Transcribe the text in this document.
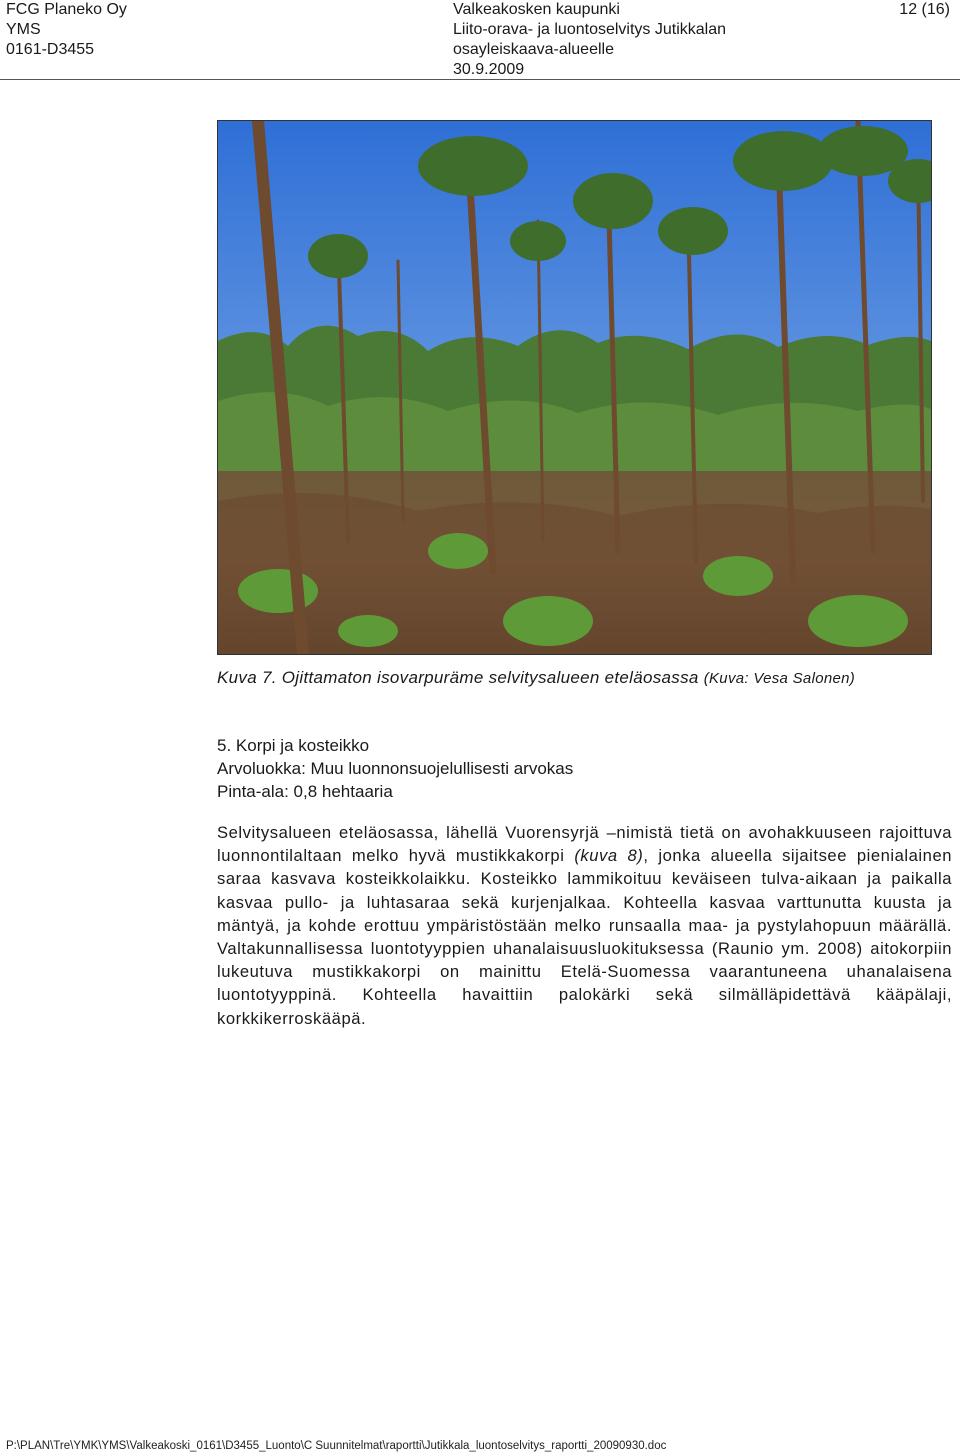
FCG Planeko Oy
YMS
0161-D3455
Valkeakosken kaupunki
Liito-orava- ja luontoselvitys Jutikkalan
osayleiskaava-alueelle
30.9.2009
12 (16)
Kuva 7. Ojittamaton isovarpuräme selvitysalueen eteläosassa (Kuva: Vesa Salonen)
5. Korpi ja kosteikko
Arvoluokka: Muu luonnonsuojelullisesti arvokas
Pinta-ala: 0,8 hehtaaria
Selvitysalueen eteläosassa, lähellä Vuorensyrjä –nimistä tietä on avohakkuuseen rajoittuva luonnontilaltaan melko hyvä mustikkakorpi (kuva 8), jonka alueella sijaitsee pienialainen saraa kasvava kosteikkolaikku. Kosteikko lammikoituu keväiseen tulva-aikaan ja paikalla kasvaa pullo- ja luhtasaraa sekä kurjenjalkaa. Kohteella kasvaa varttunutta kuusta ja mäntyä, ja kohde erottuu ympäristöstään melko runsaalla maa- ja pystylahopuun määrällä. Valtakunnallisessa luontotyyppien uhanalaisuusluokituksessa (Raunio ym. 2008) aitokorpiin lukeutuva mustikkakorpi on mainittu Etelä-Suomessa vaarantuneena uhanalaisena luontotyyppinä. Kohteella havaittiin palokärki sekä silmälläpidettävä kääpälaji, korkkikerroskääpä.
P:\PLAN\Tre\YMK\YMS\Valkeakoski_0161\D3455_Luonto\C Suunnitelmat\raportti\Jutikkala_luontoselvitys_raportti_20090930.doc
